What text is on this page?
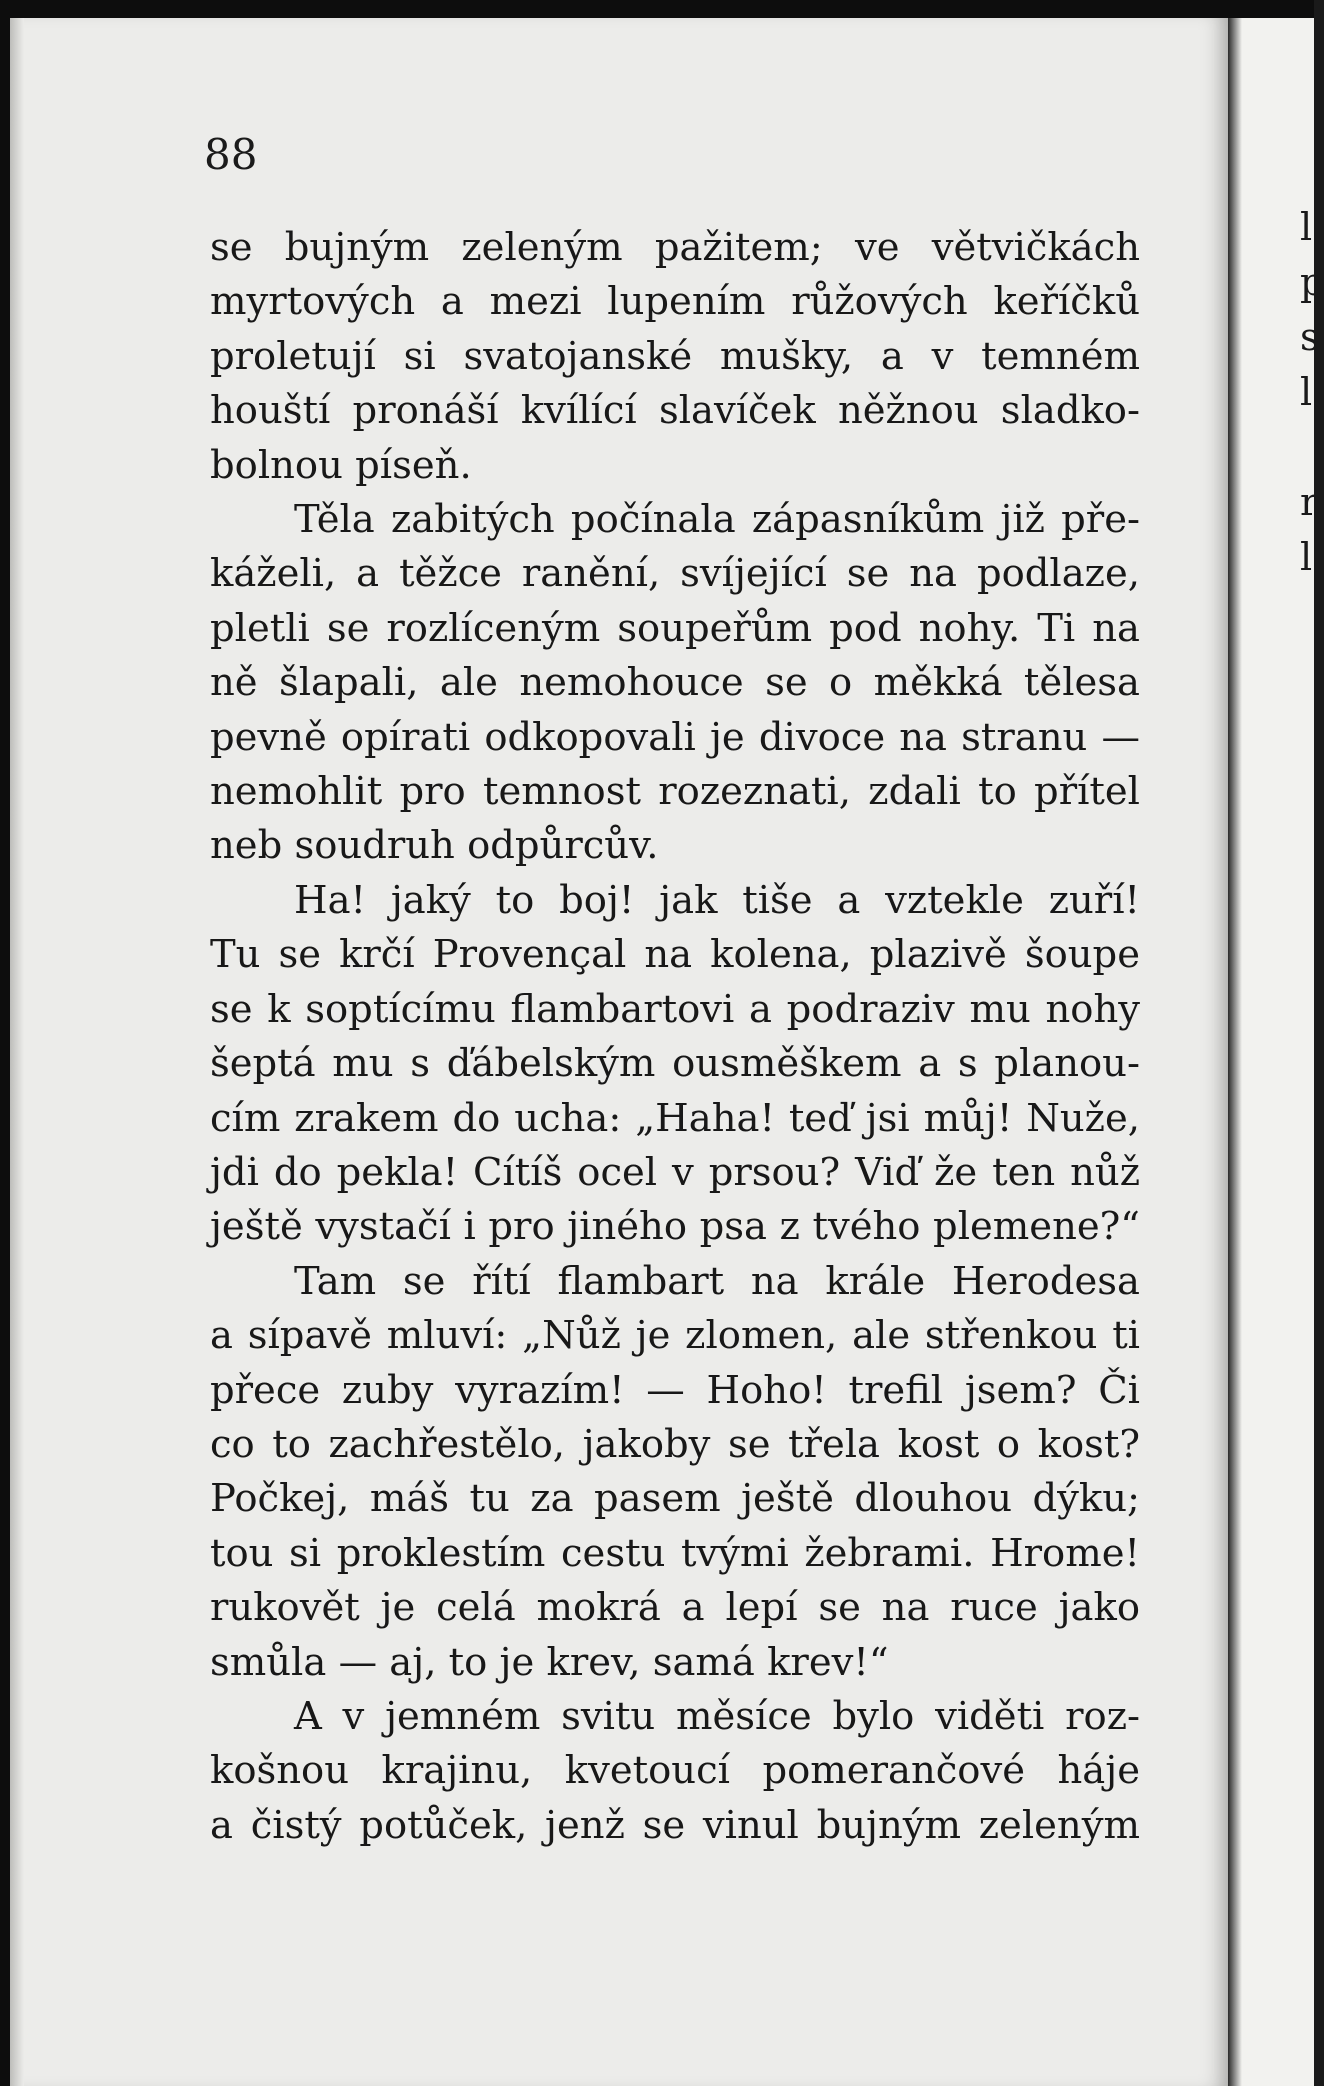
88
se bujným zeleným pažitem; ve větvičkách
myrtových a mezi lupením růžových keříčků
proletují si svatojanské mušky, a v temném
houští pronáší kvílící slavíček něžnou sladko-
bolnou píseň.
Těla zabitých počínala zápasníkům již pře-
káželi, a těžce ranění, svíjející se na podlaze,
pletli se rozlíceným soupeřům pod nohy. Ti na
ně šlapali, ale nemohouce se o měkká tělesa
pevně opírati odkopovali je divoce na stranu —
nemohlit pro temnost rozeznati, zdali to přítel
neb soudruh odpůrcův.
Ha! jaký to boj! jak tiše a vztekle zuří!
Tu se krčí Provençal na kolena, plazivě šoupe
se k soptícímu flambartovi a podraziv mu nohy
šeptá mu s ďábelským ousměškem a s planou-
cím zrakem do ucha: „Haha! teď jsi můj! Nuže,
jdi do pekla! Cítíš ocel v prsou? Viď že ten nůž
ještě vystačí i pro jiného psa z tvého plemene?“
Tam se řítí flambart na krále Herodesa
a sípavě mluví: „Nůž je zlomen, ale střenkou ti
přece zuby vyrazím! — Hoho! trefil jsem? Či
co to zachřestělo, jakoby se třela kost o kost?
Počkej, máš tu za pasem ještě dlouhou dýku;
tou si proklestím cestu tvými žebrami. Hrome!
rukovět je celá mokrá a lepí se na ruce jako
smůla — aj, to je krev, samá krev!“
A v jemném svitu měsíce bylo viděti roz-
košnou krajinu, kvetoucí pomerančové háje
a čistý potůček, jenž se vinul bujným zeleným
l
p
s
l
r
l
